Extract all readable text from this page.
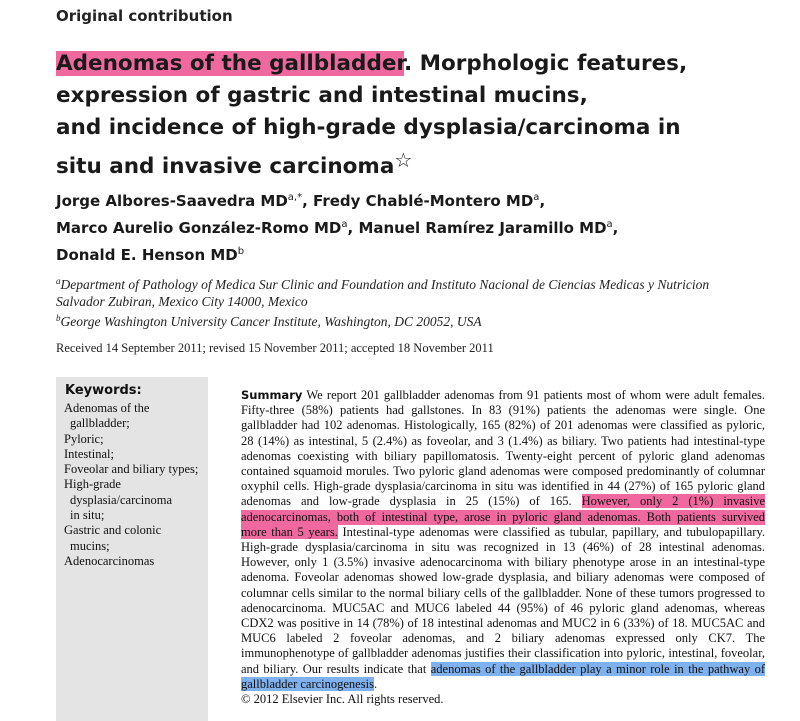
Original contribution
Adenomas of the gallbladder. Morphologic features,
expression of gastric and intestinal mucins,
and incidence of high-grade dysplasia/carcinoma in
situ and invasive carcinoma☆
Jorge Albores-Saavedra $MD^{a,*}$, Fredy Chablé-Montero $MD^a$,
Marco Aurelio González-Romo $MD^a$, Manuel Ramírez Jaramillo $MD^a$,
Donald E. Henson $MD^b$
$^a$Department of Pathology of Medica Sur Clinic and Foundation and Instituto Nacional de Ciencias Medicas y Nutricion
Salvador Zubiran, Mexico City 14000, Mexico
$^b$George Washington University Cancer Institute, Washington, DC 20052, USA
Received 14 September 2011; revised 15 November 2011; accepted 18 November 2011
Keywords:
Adenomas of the
gallbladder;
Pyloric;
Intestinal;
Foveolar and biliary types;
High-grade
dysplasia/carcinoma
in situ;
Gastric and colonic
mucins;
Adenocarcinomas
Summary We report 201 gallbladder adenomas from 91 patients most of whom were adult females.
Fifty-three (58%) patients had gallstones. In 83 (91%) patients the adenomas were single. One
gallbladder had 102 adenomas. Histologically, 165 (82%) of 201 adenomas were classified as pyloric,
28 (14%) as intestinal, 5 (2.4%) as foveolar, and 3 (1.4%) as biliary. Two patients had intestinal-type
adenomas coexisting with biliary papillomatosis. Twenty-eight percent of pyloric gland adenomas
contained squamoid morules. Two pyloric gland adenomas were composed predominantly of columnar
oxyphil cells. High-grade dysplasia/carcinoma in situ was identified in 44 (27%) of 165 pyloric gland
adenomas and low-grade dysplasia in 25 (15%) of 165. However, only 2 (1%) invasive
adenocarcinomas, both of intestinal type, arose in pyloric gland adenomas. Both patients survived
more than 5 years. Intestinal-type adenomas were classified as tubular, papillary, and tubulopapillary.
High-grade dysplasia/carcinoma in situ was recognized in 13 (46%) of 28 intestinal adenomas.
However, only 1 (3.5%) invasive adenocarcinoma with biliary phenotype arose in an intestinal-type
adenoma. Foveolar adenomas showed low-grade dysplasia, and biliary adenomas were composed of
columnar cells similar to the normal biliary cells of the gallbladder. None of these tumors progressed to
adenocarcinoma. MUC5AC and MUC6 labeled 44 (95%) of 46 pyloric gland adenomas, whereas
CDX2 was positive in 14 (78%) of 18 intestinal adenomas and MUC2 in 6 (33%) of 18. MUC5AC and
MUC6 labeled 2 foveolar adenomas, and 2 biliary adenomas expressed only CK7. The
immunophenotype of gallbladder adenomas justifies their classification into pyloric, intestinal, foveolar,
and biliary. Our results indicate that adenomas of the gallbladder play a minor role in the pathway of
gallbladder carcinogenesis.
© 2012 Elsevier Inc. All rights reserved.
